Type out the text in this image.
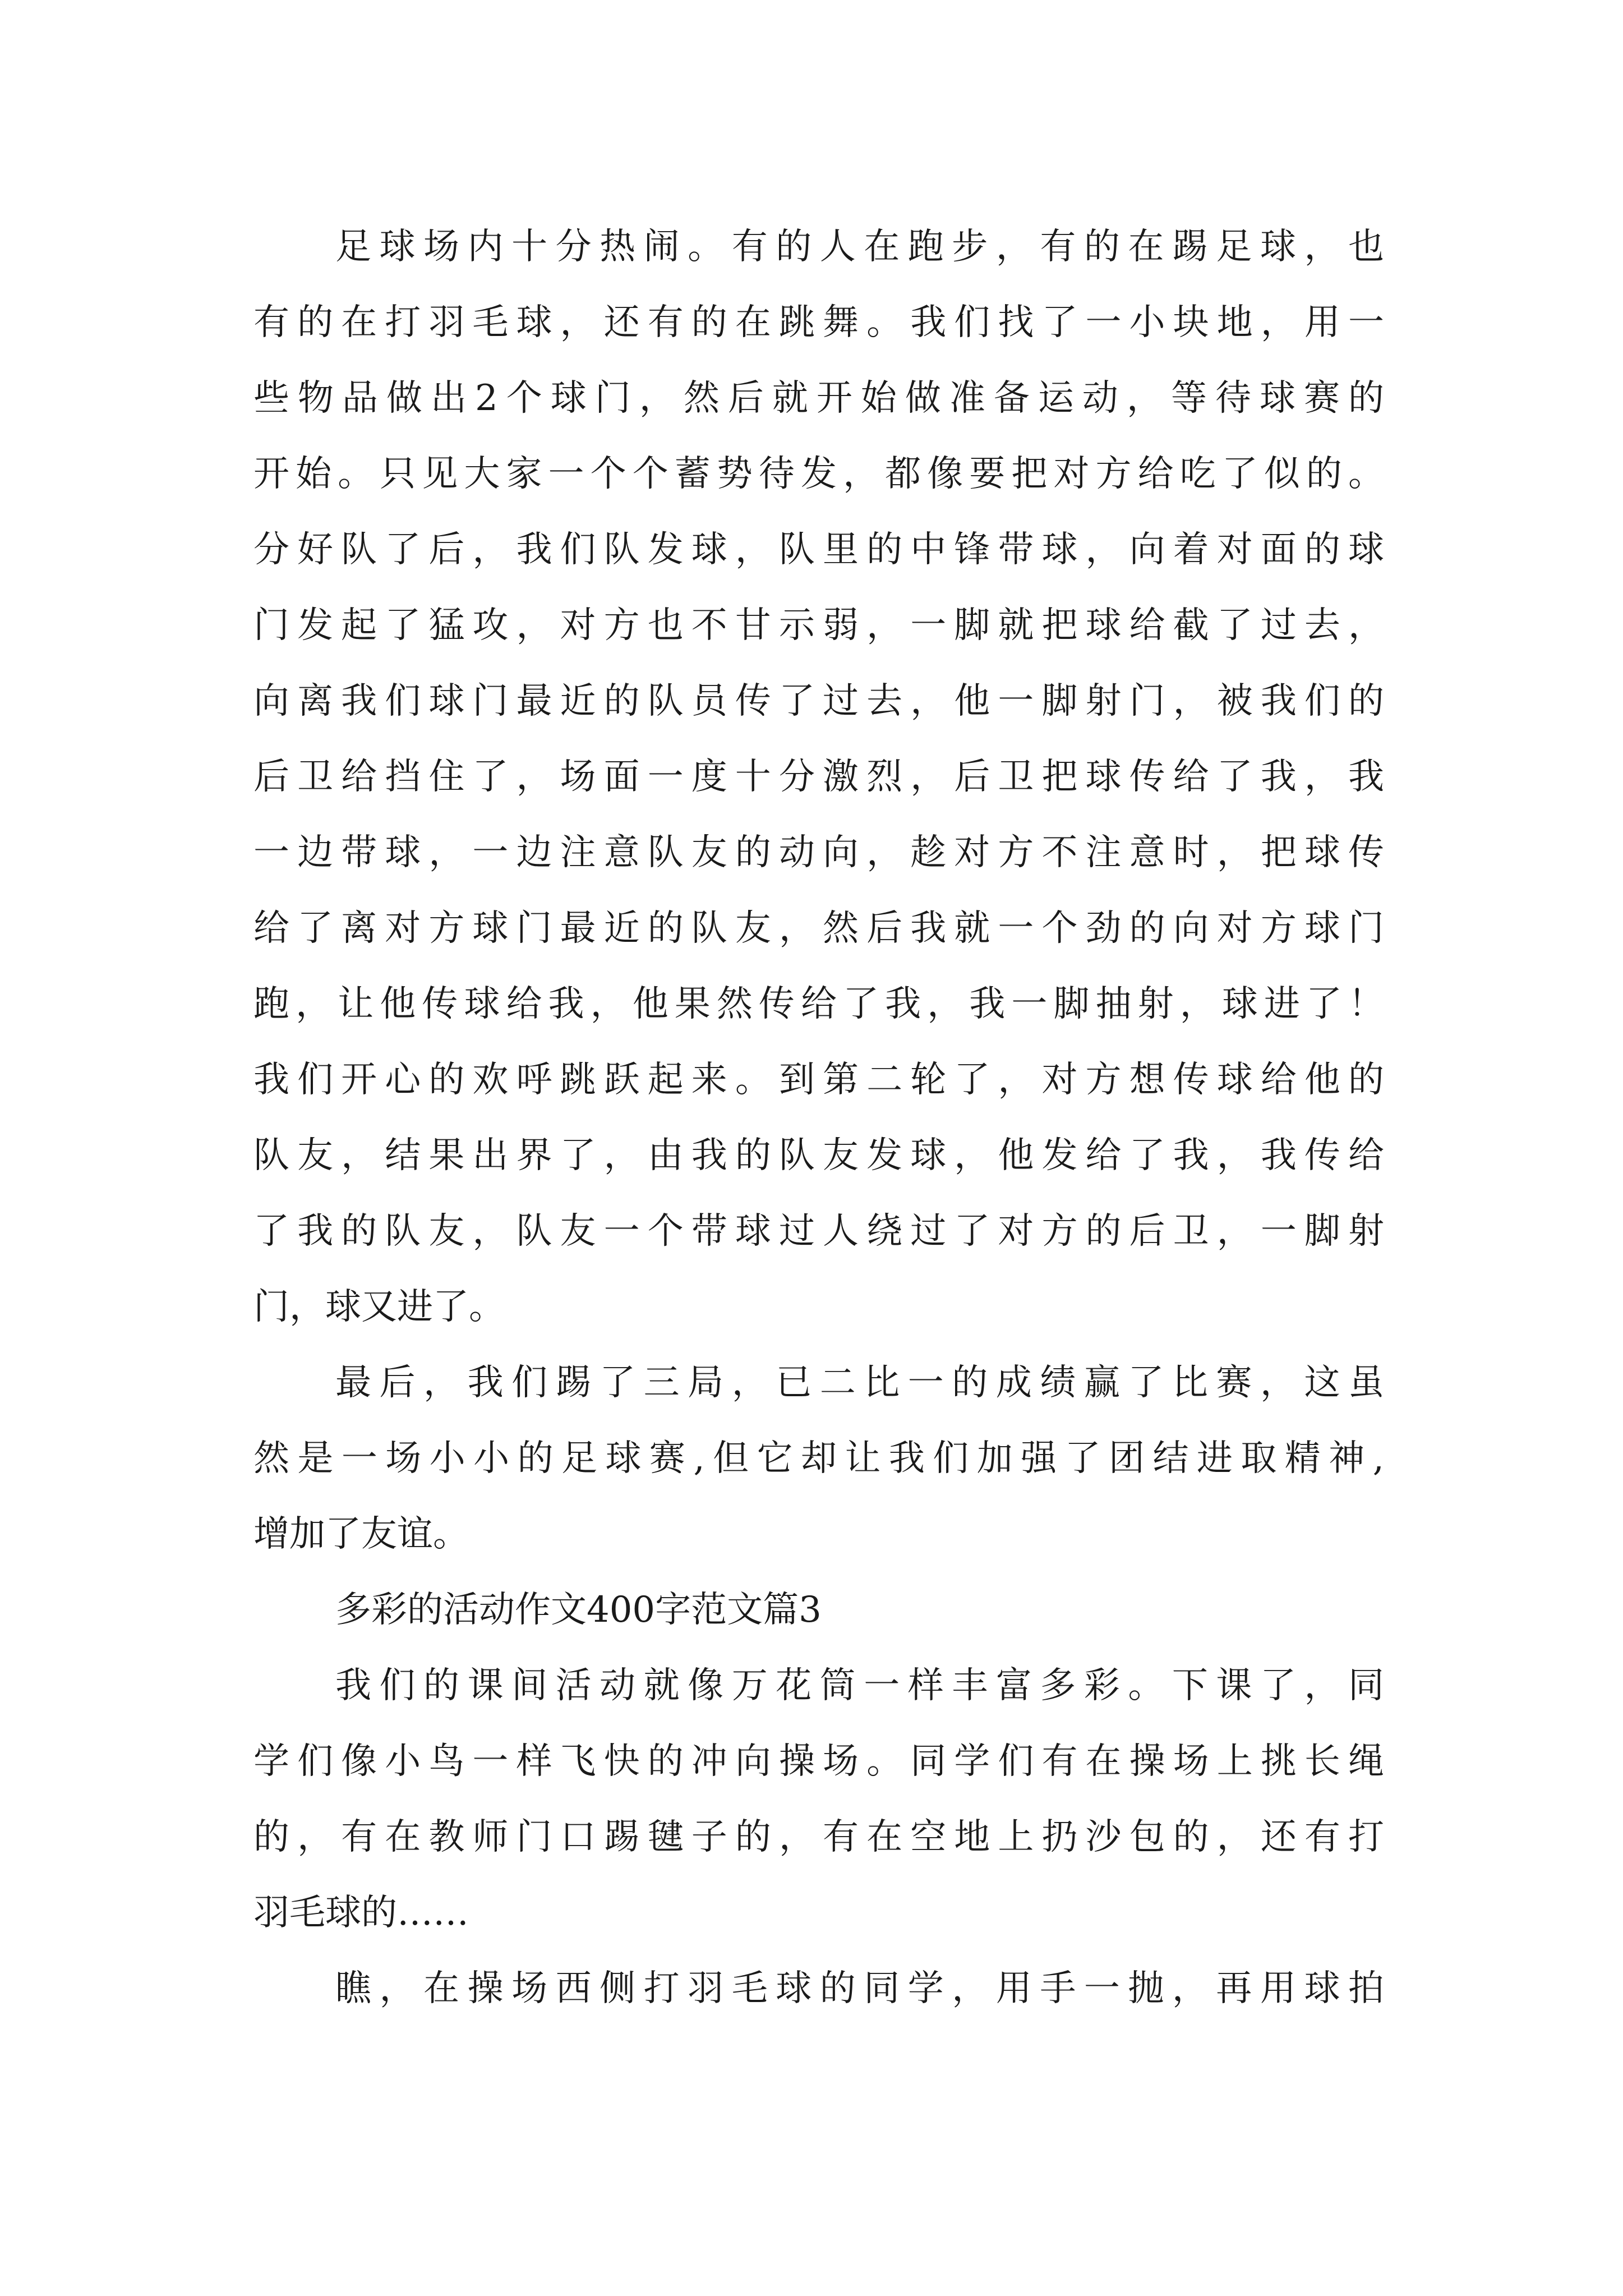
足球场内十分热闹。有的人在跑步，有的在踢足球，也
有的在打羽毛球，还有的在跳舞。我们找了一小块地，用一
些物品做出2个球门，然后就开始做准备运动，等待球赛的
开始。只见大家一个个蓄势待发，都像要把对方给吃了似的。
分好队了后，我们队发球，队里的中锋带球，向着对面的球
门发起了猛攻，对方也不甘示弱，一脚就把球给截了过去，
向离我们球门最近的队员传了过去，他一脚射门，被我们的
后卫给挡住了，场面一度十分激烈，后卫把球传给了我，我
一边带球，一边注意队友的动向，趁对方不注意时，把球传
给了离对方球门最近的队友，然后我就一个劲的向对方球门
跑，让他传球给我，他果然传给了我，我一脚抽射，球进了！
我们开心的欢呼跳跃起来。到第二轮了，对方想传球给他的
队友，结果出界了，由我的队友发球，他发给了我，我传给
了我的队友，队友一个带球过人绕过了对方的后卫，一脚射
门，球又进了。
最后，我们踢了三局，已二比一的成绩赢了比赛，这虽
然是一场小小的足球赛,但它却让我们加强了团结进取精神,
增加了友谊。
多彩的活动作文400字范文篇3
我们的课间活动就像万花筒一样丰富多彩。下课了，同
学们像小鸟一样飞快的冲向操场。同学们有在操场上挑长绳
的，有在教师门口踢毽子的，有在空地上扔沙包的，还有打
羽毛球的……
瞧，在操场西侧打羽毛球的同学，用手一抛，再用球拍
